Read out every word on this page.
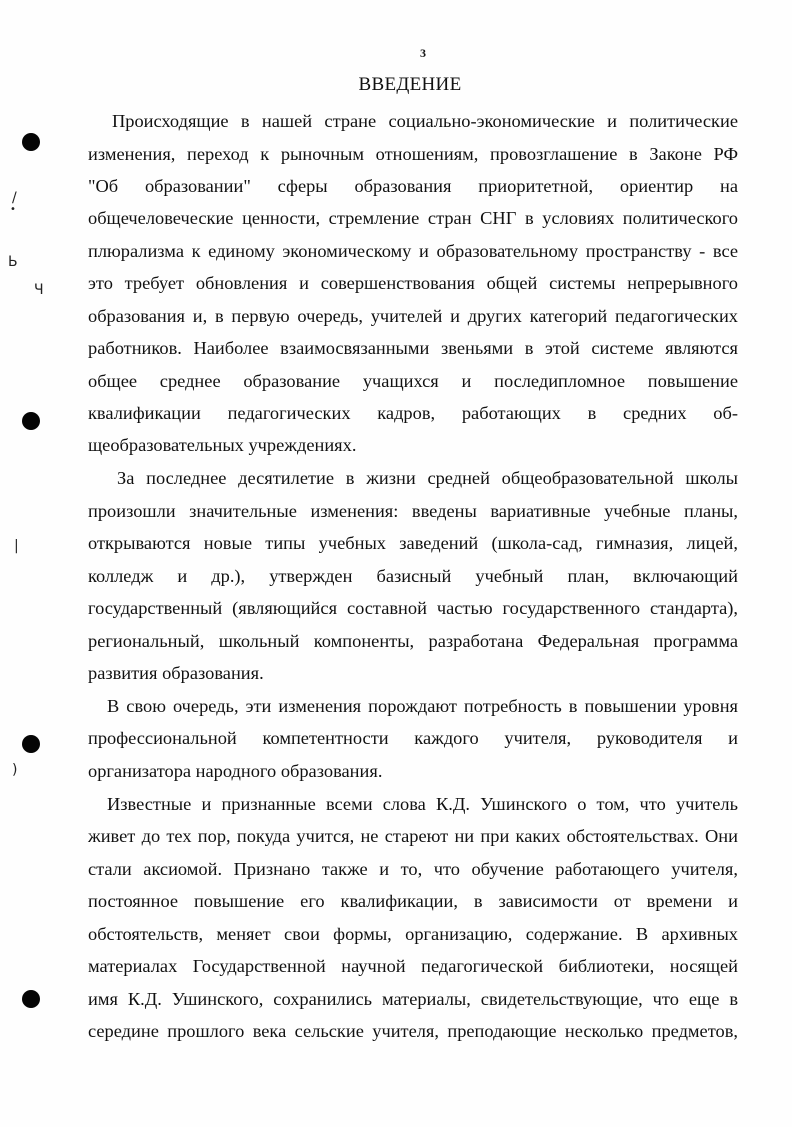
/
•
Ь
Ч
|
)
3
ВВЕДЕНИЕ
Происходящие в нашей стране социально-экономические и политические
изменения, переход к рыночным отношениям, провозглашение в Законе РФ
"Об образовании" сферы образования приоритетной, ориентир на
общечеловеческие ценности, стремление стран СНГ в условиях политического
плюрализма к единому экономическому и образовательному пространству - все
это требует обновления и совершенствования общей системы непрерывного
образования и, в первую очередь, учителей и других категорий педагогических
работников. Наиболее взаимосвязанными звеньями в этой системе являются
общее среднее образование учащихся и последипломное повышение
квалификации педагогических кадров, работающих в средних об-
щеобразовательных учреждениях.
За последнее десятилетие в жизни средней общеобразовательной школы
произошли значительные изменения: введены вариативные учебные планы,
открываются новые типы учебных заведений (школа-сад, гимназия, лицей,
колледж и др.), утвержден базисный учебный план, включающий
государственный (являющийся составной частью государственного стандарта),
региональный, школьный компоненты, разработана Федеральная программа
развития образования.
В свою очередь, эти изменения порождают потребность в повышении уровня
профессиональной компетентности каждого учителя, руководителя и
организатора народного образования.
Известные и признанные всеми слова К.Д. Ушинского о том, что учитель
живет до тех пор, покуда учится, не стареют ни при каких обстоятельствах. Они
стали аксиомой. Признано также и то, что обучение работающего учителя,
постоянное повышение его квалификации, в зависимости от времени и
обстоятельств, меняет свои формы, организацию, содержание. В архивных
материалах Государственной научной педагогической библиотеки, носящей
имя К.Д. Ушинского, сохранились материалы, свидетельствующие, что еще в
середине прошлого века сельские учителя, преподающие несколько предметов,
